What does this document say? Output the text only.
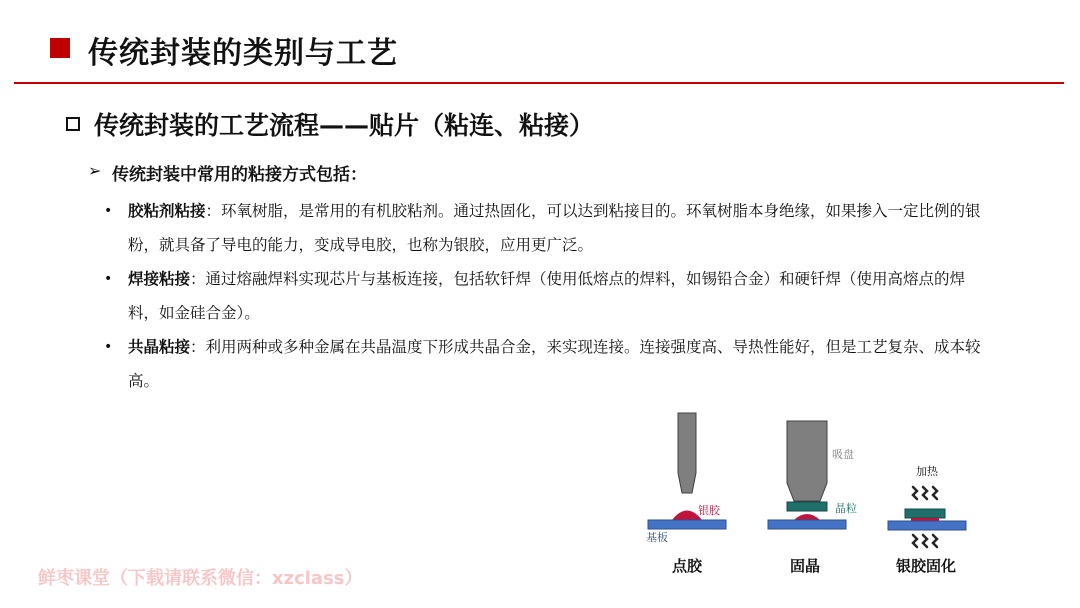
传统封装的类别与工艺
传统封装的工艺流程——贴片（粘连、粘接）
➢ 传统封装中常用的粘接方式包括：

• 胶粘剂粘接：环氧树脂，是常用的有机胶粘剂。通过热固化，可以达到粘接目的。环氧树脂本身绝缘，如果掺入一定比例的银粉，就具备了导电的能力，变成导电胶，也称为银胶，应用更广泛。

• 焊接粘接：通过熔融焊料实现芯片与基板连接，包括软钎焊（使用低熔点的焊料，如锡铅合金）和硬钎焊（使用高熔点的焊料，如金硅合金）。

• 共晶粘接：利用两种或多种金属在共晶温度下形成共晶合金，来实现连接。连接强度高、导热性能好，但是工艺复杂、成本较高。

银胶
基板
点胶
吸盘
晶粒
固晶
加热
银胶固化
鲜枣课堂（下载请联系微信：xzclass）
